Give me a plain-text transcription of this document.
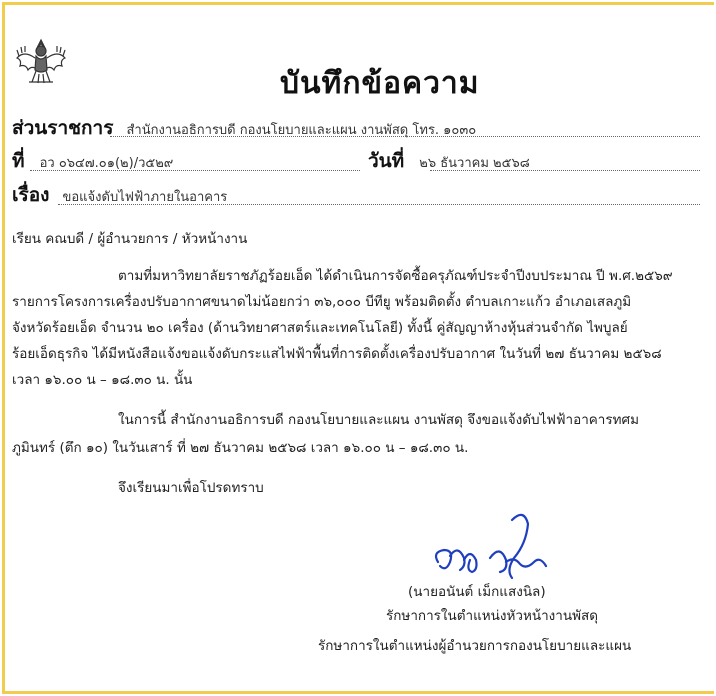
บันทึกข้อความ
ส่วนราชการ สำนักงานอธิการบดี กองนโยบายและแผน งานพัสดุ โทร. ๑๐๓๐
ที่ อว ๐๖๔๗.๐๑(๒)/ว๕๒๙	วันที่ ๒๖ ธันวาคม ๒๕๖๘
เรื่อง ขอแจ้งดับไฟฟ้าภายในอาคาร
เรียน คณบดี / ผู้อำนวยการ / หัวหน้างาน
ตามที่มหาวิทยาลัยราชภัฏร้อยเอ็ด ได้ดำเนินการจัดซื้อครุภัณฑ์ประจำปีงบประมาณ ปี พ.ศ.๒๕๖๙
รายการโครงการเครื่องปรับอากาศขนาดไม่น้อยกว่า ๓๖,๐๐๐ บีทียู พร้อมติดตั้ง ตำบลเกาะแก้ว อำเภอเสลภูมิ
จังหวัดร้อยเอ็ด จำนวน ๒๐ เครื่อง (ด้านวิทยาศาสตร์และเทคโนโลยี) ทั้งนี้ คู่สัญญาห้างหุ้นส่วนจำกัด ไพบูลย์
ร้อยเอ็ดธุรกิจ ได้มีหนังสือแจ้งขอแจ้งดับกระแสไฟฟ้าพื้นที่การติดตั้งเครื่องปรับอากาศ ในวันที่ ๒๗ ธันวาคม ๒๕๖๘
เวลา ๑๖.๐๐ น – ๑๘.๓๐ น. นั้น
ในการนี้ สำนักงานอธิการบดี กองนโยบายและแผน งานพัสดุ จึงขอแจ้งดับไฟฟ้าอาคารทศม
ภูมินทร์ (ตึก ๑๐) ในวันเสาร์ ที่ ๒๗ ธันวาคม ๒๕๖๘ เวลา ๑๖.๐๐ น – ๑๘.๓๐ น.
จึงเรียนมาเพื่อโปรดทราบ
(นายอนันต์ เม็กแสงนิล)
รักษาการในตำแหน่งหัวหน้างานพัสดุ
รักษาการในตำแหน่งผู้อำนวยการกองนโยบายและแผน
